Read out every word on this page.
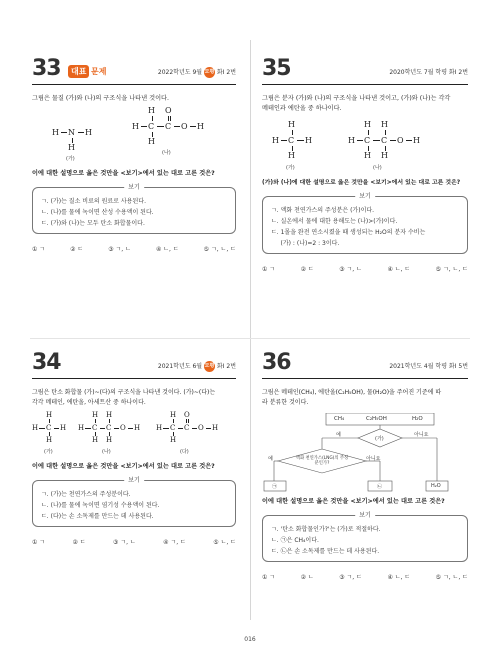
33	대표 문제	2022학년도 9월 모평 화Ⅰ 2번
그림은 물질 (가)와 (나)의 구조식을 나타낸 것이다.
H N H
H
(가)
H O
H C C O H
H
(나)
이에 대한 설명으로 옳은 것만을 <보기>에서 있는 대로 고른 것은?
보기
ㄱ. (가)는 질소 비료의 원료로 사용된다.
ㄴ. (나)를 물에 녹이면 산성 수용액이 된다.
ㄷ. (가)와 (나)는 모두 탄소 화합물이다.
① ㄱ	② ㄷ	③ ㄱ, ㄴ	④ ㄴ, ㄷ	⑤ ㄱ, ㄴ, ㄷ
35	2020학년도 7월 학평 화Ⅰ 2번
그림은 분자 (가)와 (나)의 구조식을 나타낸 것이고, (가)와 (나)는 각각
메테인과 에탄올 중 하나이다.
H
H C H
H
(가)
H H
H C C O H
H H
(나)
(가)와 (나)에 대한 설명으로 옳은 것만을 <보기>에서 있는 대로 고른 것은?
보기
ㄱ. 액화 천연가스의 주성분은 (가)이다.
ㄴ. 실온에서 물에 대한 용해도는 (나)>(가)이다.
ㄷ. 1몰을 완전 연소시켰을 때 생성되는 H₂O의 분자 수비는
(가) : (나)=2 : 3이다.
① ㄱ	② ㄷ	③ ㄱ, ㄴ	④ ㄴ, ㄷ	⑤ ㄱ, ㄴ, ㄷ
34	2021학년도 6월 모평 화Ⅰ 2번
그림은 탄소 화합물 (가)~(다)의 구조식을 나타낸 것이다. (가)~(다)는
각각 메테인, 에탄올, 아세트산 중 하나이다.
H
H C H
H
(가)
H H
H C C O H
H H
(나)
H O
H C C O H
H
(다)
이에 대한 설명으로 옳은 것만을 <보기>에서 있는 대로 고른 것은?
보기
ㄱ. (가)는 천연가스의 주성분이다.
ㄴ. (나)를 물에 녹이면 염기성 수용액이 된다.
ㄷ. (다)는 손 소독제를 만드는 데 사용된다.
① ㄱ	② ㄷ	③ ㄱ, ㄴ	④ ㄱ, ㄷ	⑤ ㄴ, ㄷ
36	2021학년도 4월 학평 화Ⅰ 5번
그림은 메테인(CH₄), 에탄올(C₂H₅OH), 물(H₂O)을 주어진 기준에 따
라 분류한 것이다.
CH₄	C₂H₅OH	H₂O
(가)
예	아니요
액화 천연가스(LNG)의 주성분인가?
예	아니요
㉠	㉡	H₂O
이에 대한 설명으로 옳은 것만을 <보기>에서 있는 대로 고른 것은?
보기
ㄱ. '탄소 화합물인가?'는 (가)로 적절하다.
ㄴ. ㉠은 CH₄이다.
ㄷ. ㉡은 손 소독제를 만드는 데 사용된다.
① ㄱ	② ㄴ	③ ㄱ, ㄷ	④ ㄴ, ㄷ	⑤ ㄱ, ㄴ, ㄷ
016
